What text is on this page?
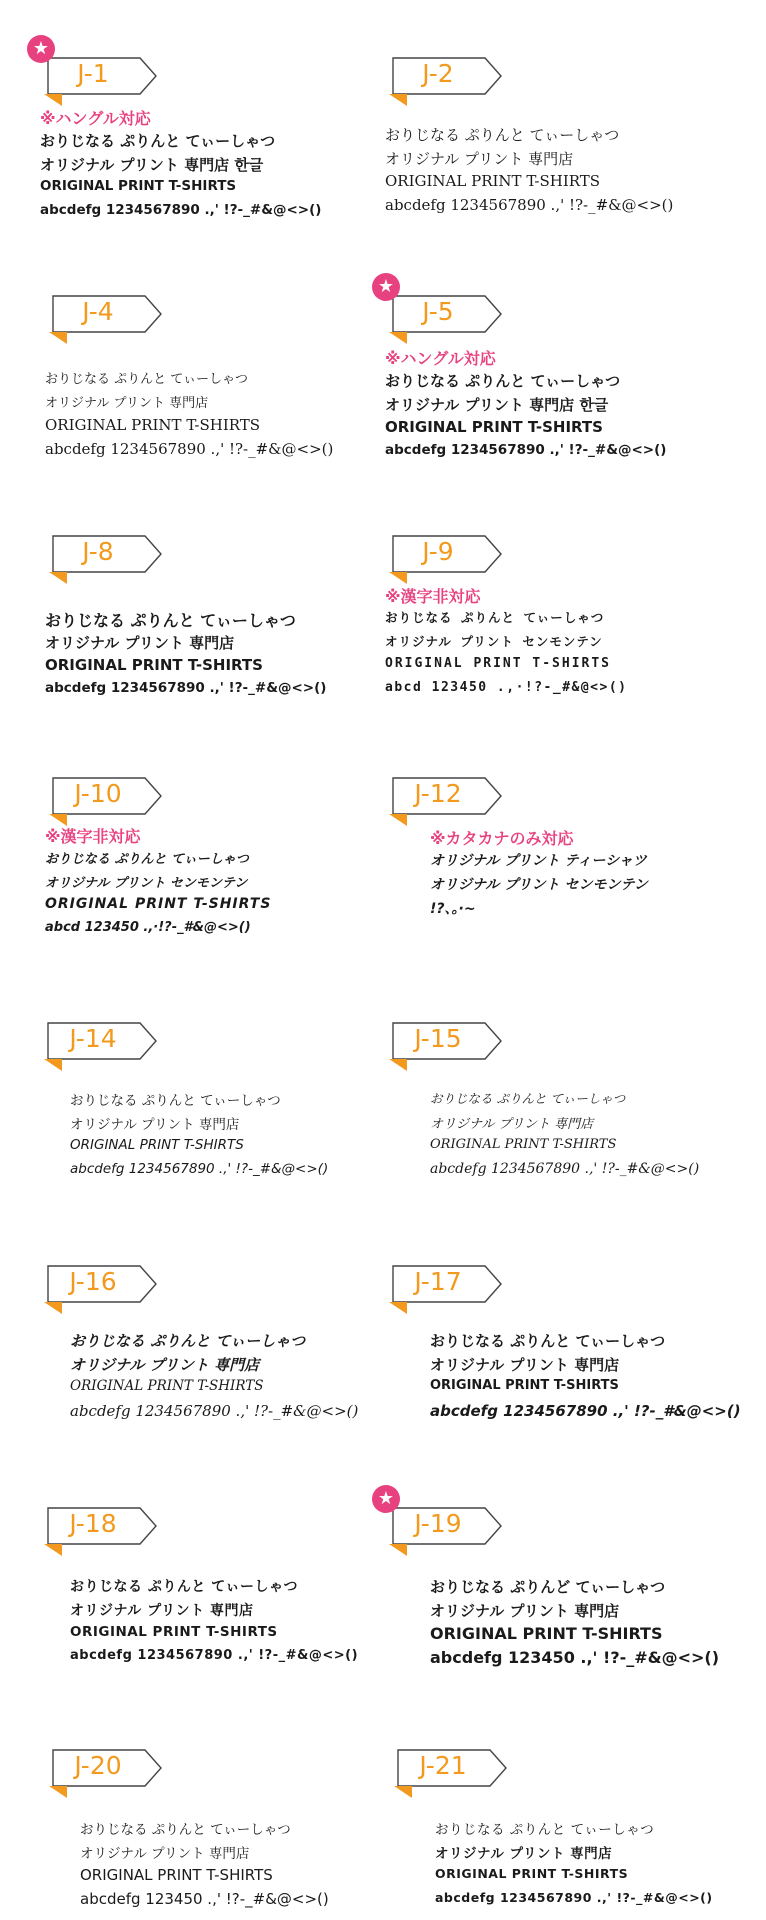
J-1
★
※ハングル対応
おりじなる ぷりんと てぃーしゃつ
オリジナル プリント 専門店 한글
ORIGINAL PRINT T-SHIRTS
abcdefg 1234567890 .,' !?-_#&@<>()
J-2
おりじなる ぷりんと てぃーしゃつ
オリジナル プリント 専門店
ORIGINAL PRINT T-SHIRTS
abcdefg 1234567890 .,' !?-_#&@<>()
J-4
おりじなる ぷりんと てぃーしゃつ
オリジナル プリント 専門店
ORIGINAL PRINT T-SHIRTS
abcdefg 1234567890 .,' !?-_#&@<>()
J-5
★
※ハングル対応
おりじなる ぷりんと てぃーしゃつ
オリジナル プリント 専門店 한글
ORIGINAL PRINT T-SHIRTS
abcdefg 1234567890 .,' !?-_#&@<>()
J-8
おりじなる ぷりんと てぃーしゃつ
オリジナル プリント 専門店
ORIGINAL PRINT T-SHIRTS
abcdefg 1234567890 .,' !?-_#&@<>()
J-9
※漢字非対応
おりじなる ぷりんと てぃーしゃつ
オリジナル プリント センモンテン
ORIGINAL PRINT T-SHIRTS
abcd 123450 .,·!?-_#&@<>()
J-10
※漢字非対応
おりじなる ぷりんと てぃーしゃつ
オリジナル プリント センモンテン
ORIGINAL PRINT T-SHIRTS
abcd 123450 .,·!?-_#&@<>()
J-12
※カタカナのみ対応
オリジナル プリント ティーシャツ
オリジナル プリント センモンテン
!?、。·~
J-14
おりじなる ぷりんと てぃーしゃつ
オリジナル プリント 専門店
ORIGINAL PRINT T-SHIRTS
abcdefg 1234567890 .,' !?-_#&@<>()
J-15
おりじなる ぷりんと てぃーしゃつ
オリジナル プリント 専門店
ORIGINAL PRINT T-SHIRTS
abcdefg 1234567890 .,' !?-_#&@<>()
J-16
おりじなる ぷりんと てぃーしゃつ
オリジナル プリント 専門店
ORIGINAL PRINT T-SHIRTS
abcdefg 1234567890 .,' !?-_#&@<>()
J-17
おりじなる ぷりんと てぃーしゃつ
オリジナル プリント 専門店
ORIGINAL PRINT T-SHIRTS
abcdefg 1234567890 .,' !?-_#&@<>()
J-18
おりじなる ぷりんと てぃーしゃつ
オリジナル プリント 専門店
ORIGINAL PRINT T-SHIRTS
abcdefg 1234567890 .,' !?-_#&@<>()
J-19
★
おりじなる ぷりんど てぃーしゃつ
オリジナル プリント 専門店
ORIGINAL PRINT T-SHIRTS
abcdefg 123450 .,' !?-_#&@<>()
J-20
おりじなる ぷりんと てぃーしゃつ
オリジナル プリント 専門店
ORIGINAL PRINT T-SHIRTS
abcdefg 123450 .,' !?-_#&@<>()
J-21
おりじなる ぷりんと てぃーしゃつ
オリジナル プリント 専門店
ORIGINAL PRINT T-SHIRTS
abcdefg 1234567890 .,' !?-_#&@<>()
